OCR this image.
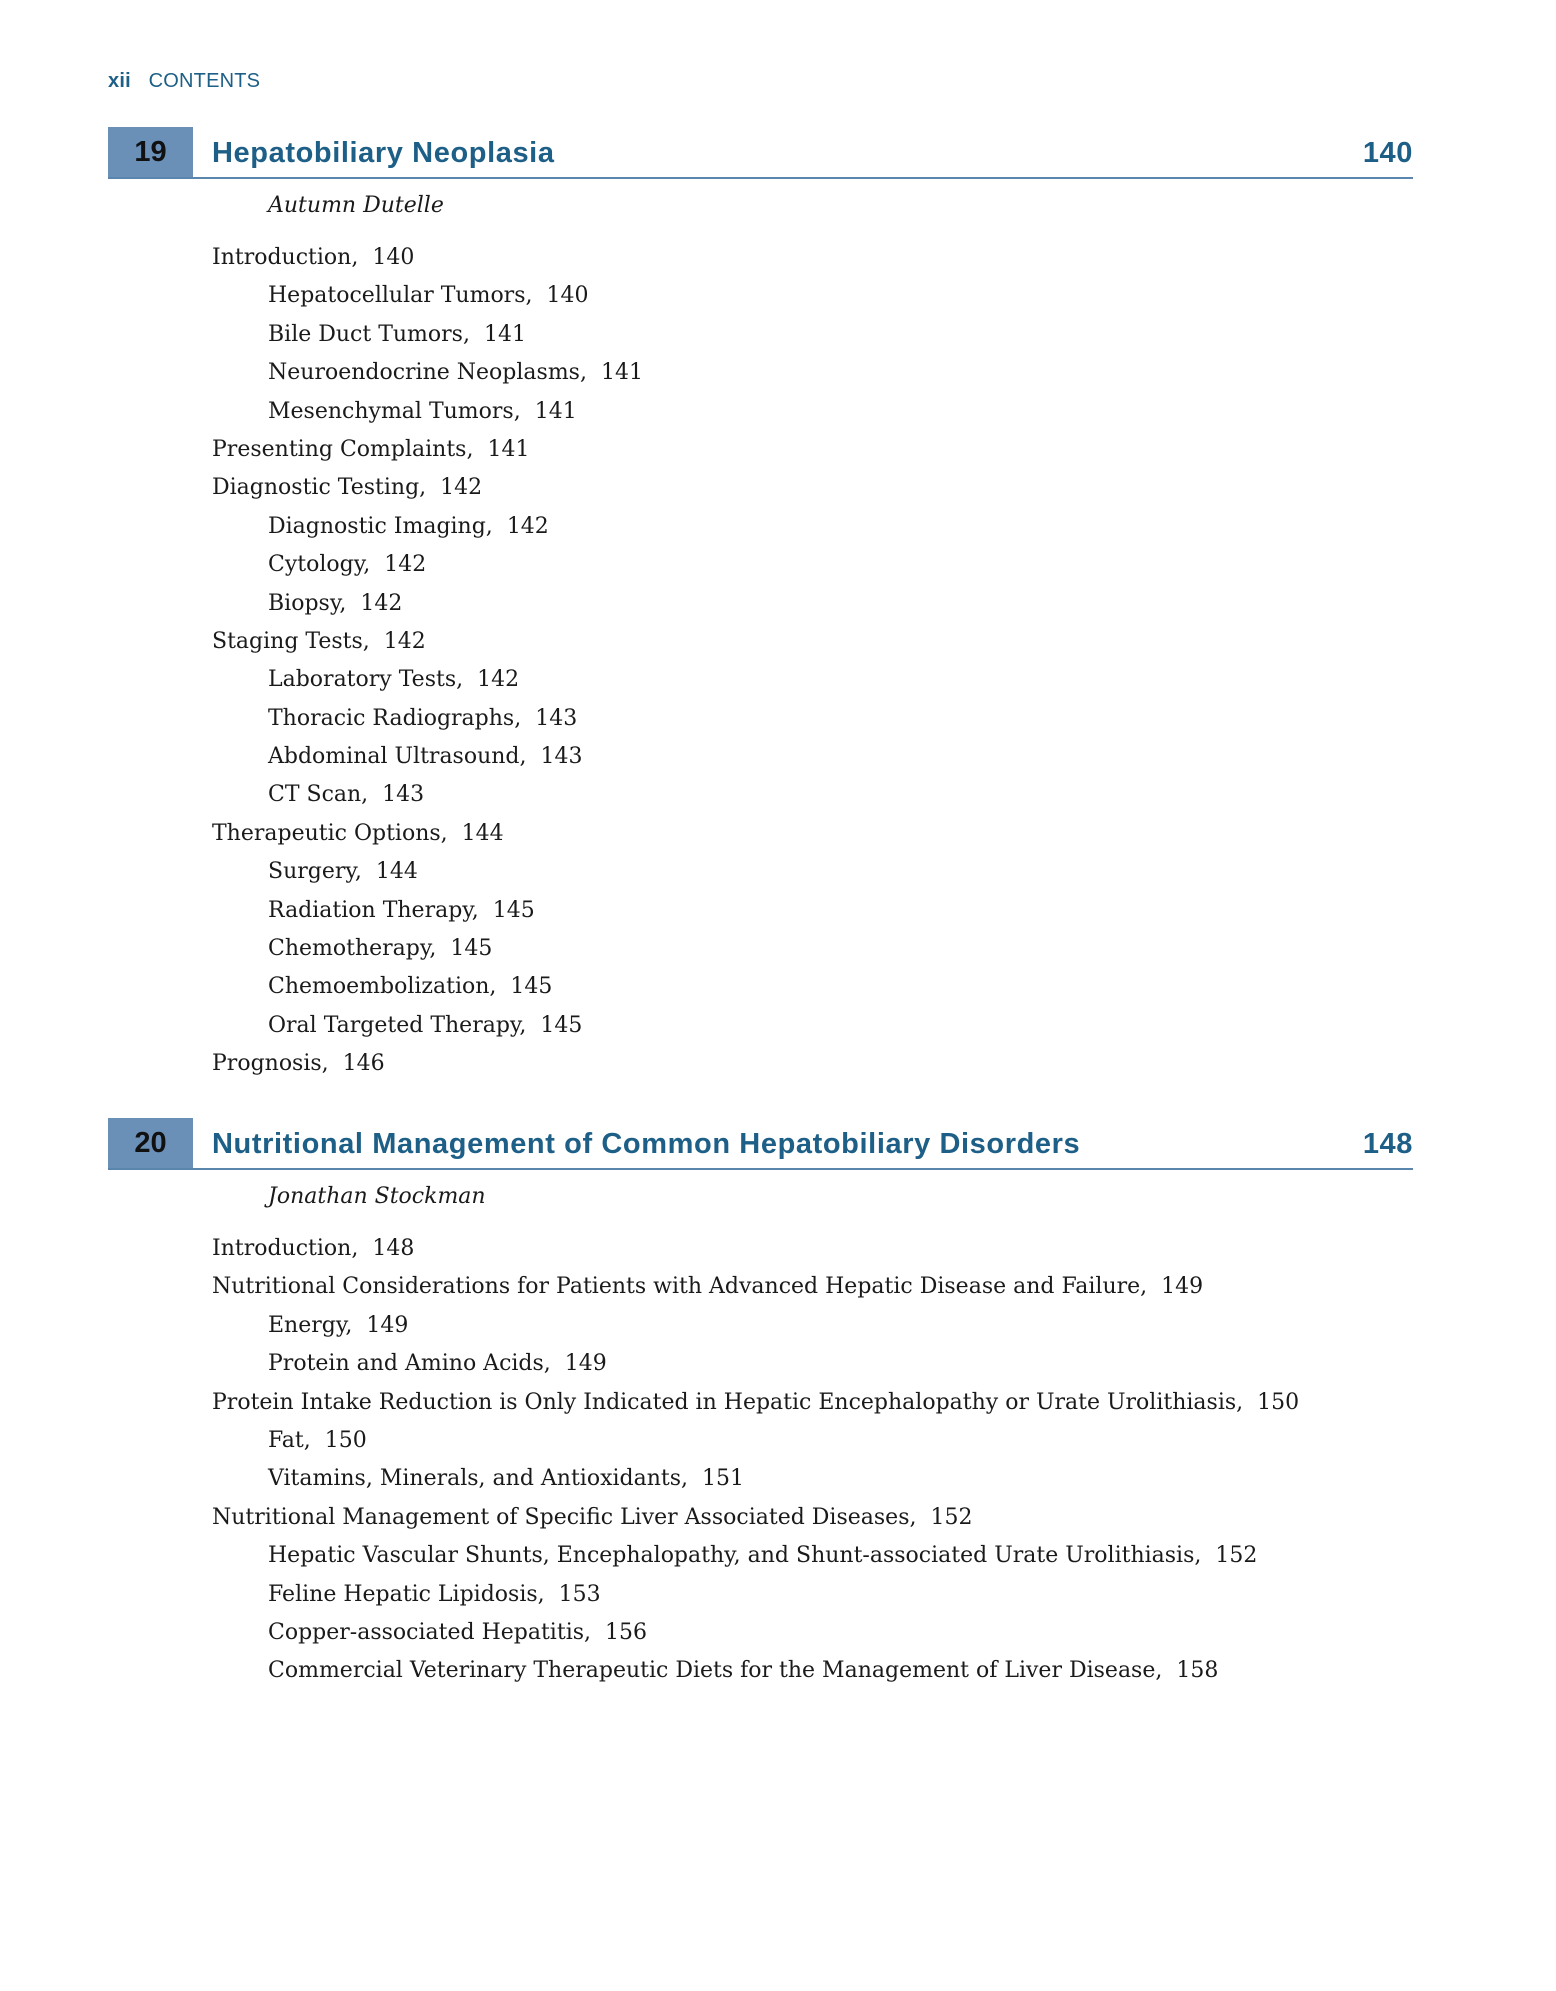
xii CONTENTS
19	Hepatobiliary Neoplasia	140
Autumn Dutelle
Introduction, 140
Hepatocellular Tumors, 140
Bile Duct Tumors, 141
Neuroendocrine Neoplasms, 141
Mesenchymal Tumors, 141
Presenting Complaints, 141
Diagnostic Testing, 142
Diagnostic Imaging, 142
Cytology, 142
Biopsy, 142
Staging Tests, 142
Laboratory Tests, 142
Thoracic Radiographs, 143
Abdominal Ultrasound, 143
CT Scan, 143
Therapeutic Options, 144
Surgery, 144
Radiation Therapy, 145
Chemotherapy, 145
Chemoembolization, 145
Oral Targeted Therapy, 145
Prognosis, 146
20	Nutritional Management of Common Hepatobiliary Disorders	148
Jonathan Stockman
Introduction, 148
Nutritional Considerations for Patients with Advanced Hepatic Disease and Failure, 149
Energy, 149
Protein and Amino Acids, 149
Protein Intake Reduction is Only Indicated in Hepatic Encephalopathy or Urate Urolithiasis, 150
Fat, 150
Vitamins, Minerals, and Antioxidants, 151
Nutritional Management of Specific Liver Associated Diseases, 152
Hepatic Vascular Shunts, Encephalopathy, and Shunt-associated Urate Urolithiasis, 152
Feline Hepatic Lipidosis, 153
Copper-associated Hepatitis, 156
Commercial Veterinary Therapeutic Diets for the Management of Liver Disease, 158
